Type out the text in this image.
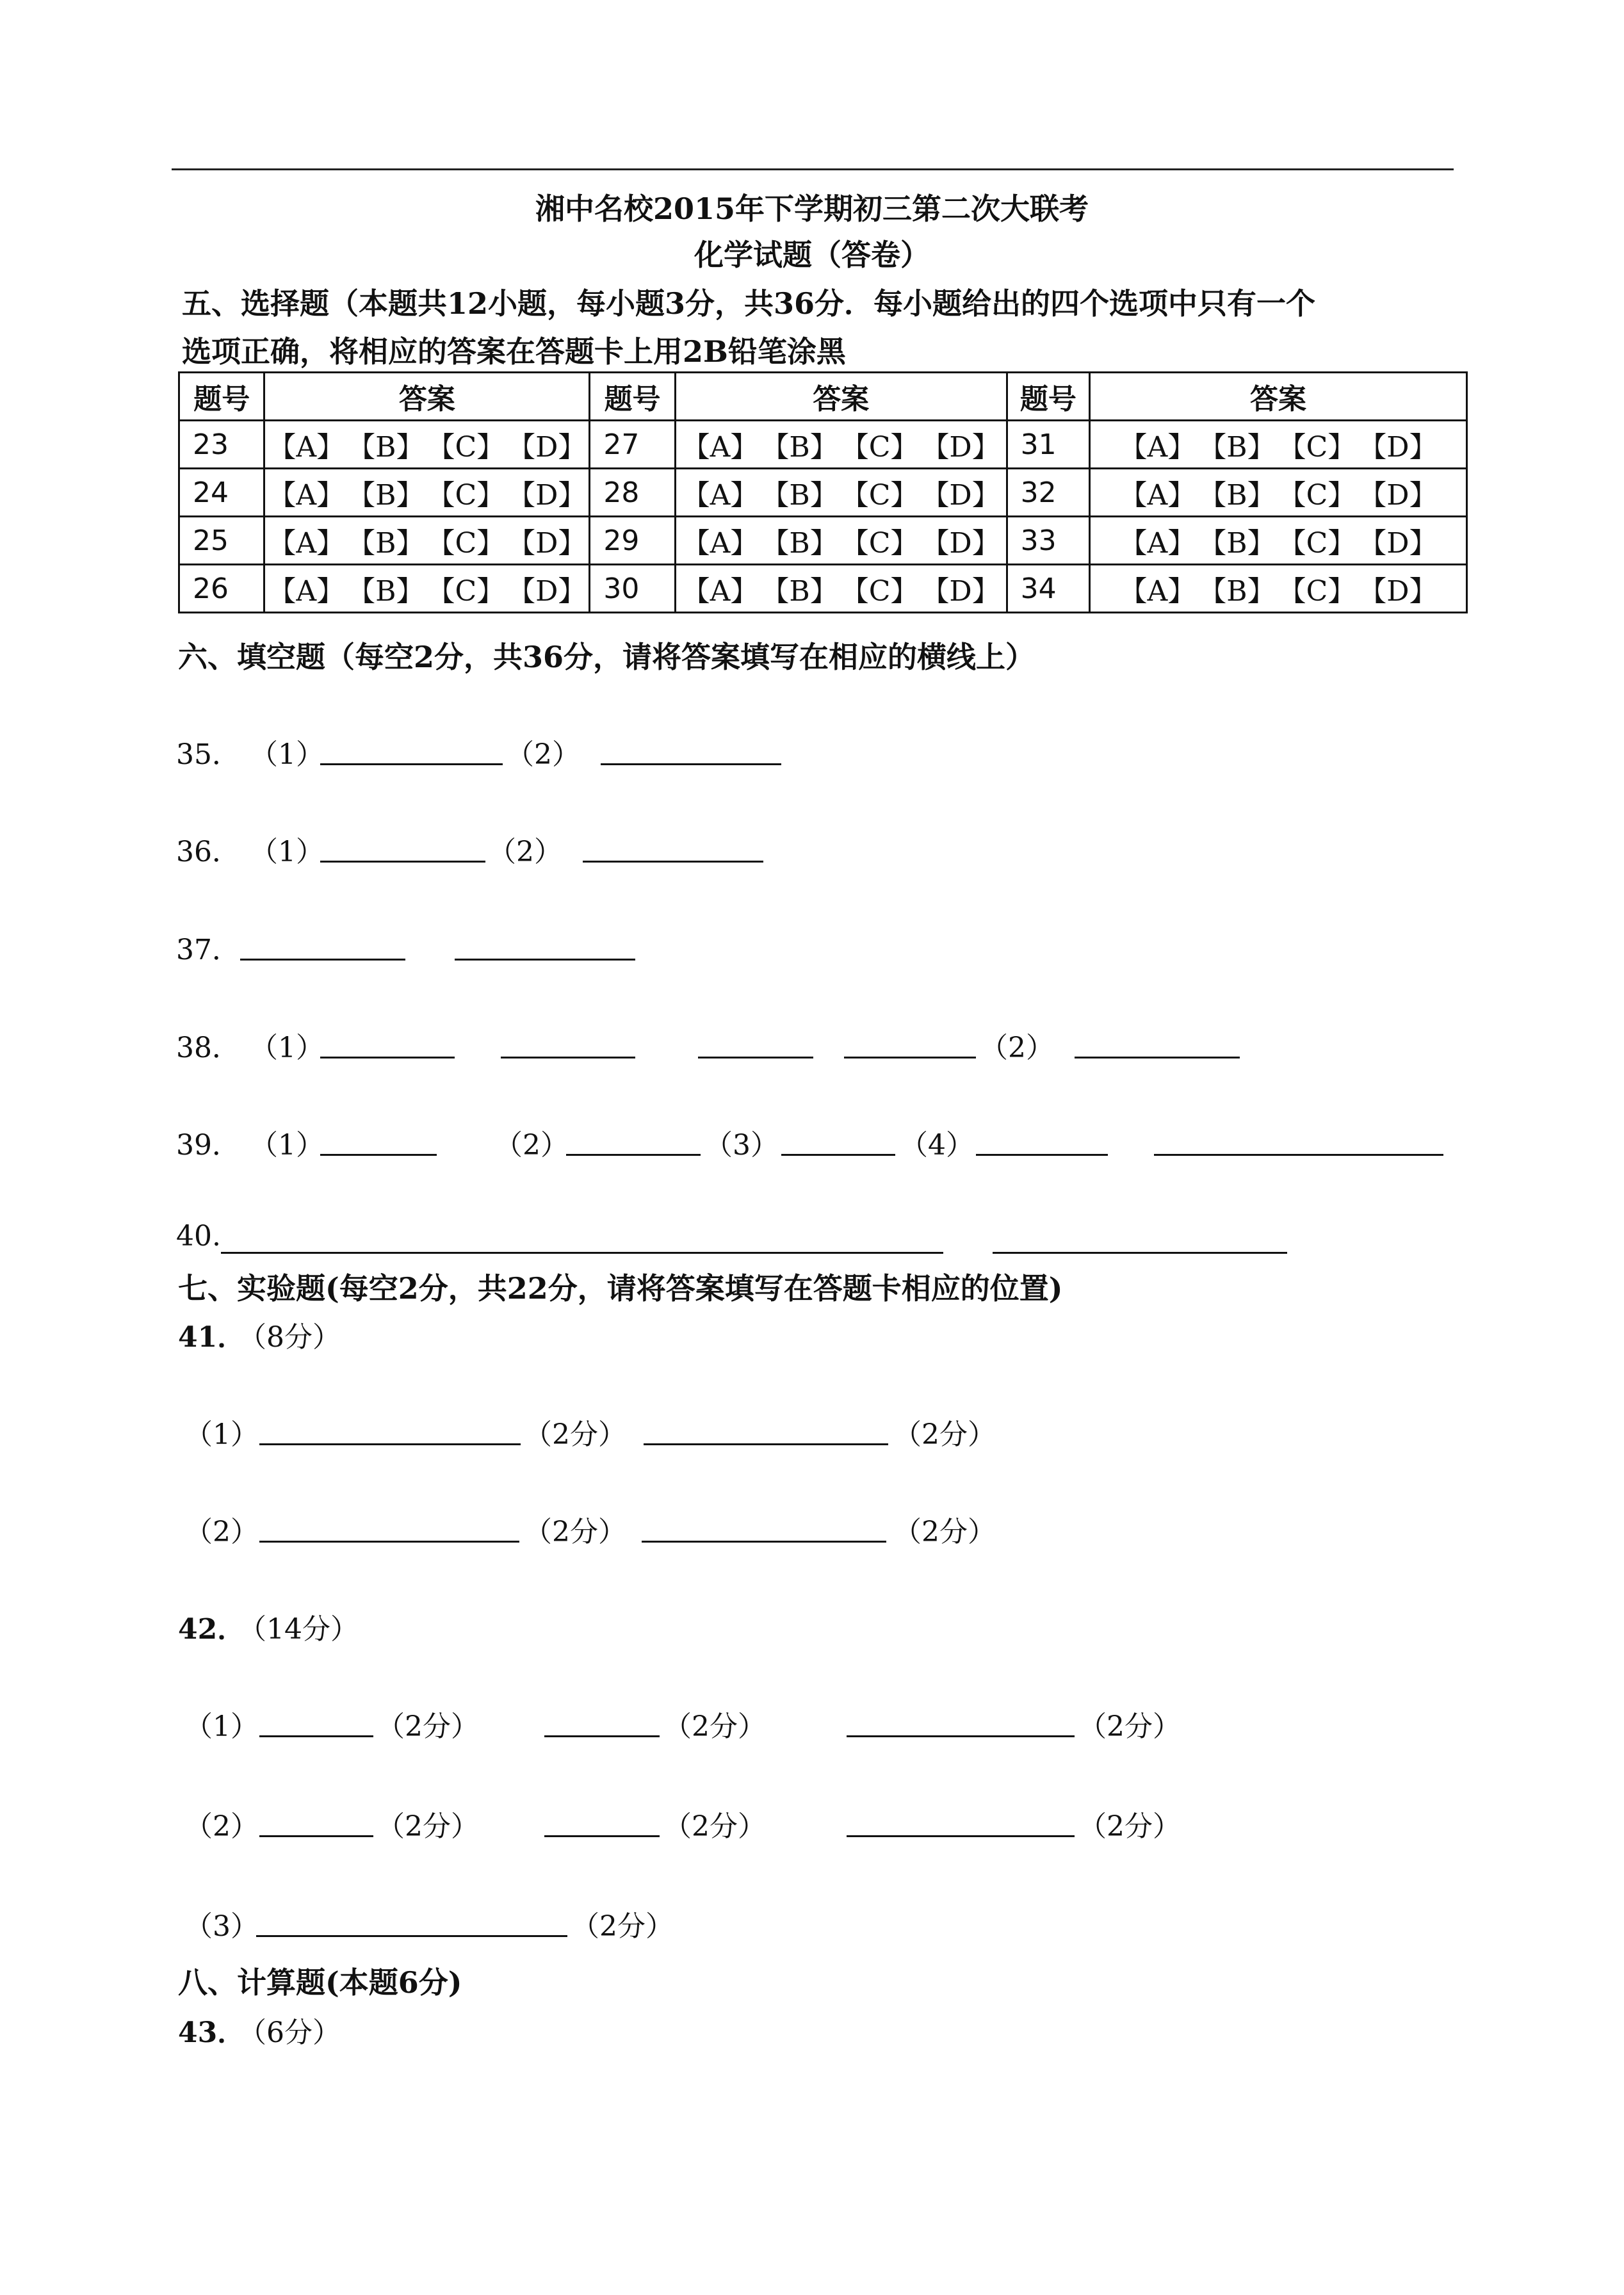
湘中名校2015年下学期初三第二次大联考
化学试题（答卷）
五、选择题（本题共12小题，每小题3分，共36分．每小题给出的四个选项中只有一个
选项正确，将相应的答案在答题卡上用2B铅笔涂黑
题号	答案	题号	答案	题号	答案
23	【A】【B】【C】【D】	27	【A】【B】【C】【D】	31	【A】【B】【C】【D】
24	【A】【B】【C】【D】	28	【A】【B】【C】【D】	32	【A】【B】【C】【D】
25	【A】【B】【C】【D】	29	【A】【B】【C】【D】	33	【A】【B】【C】【D】
26	【A】【B】【C】【D】	30	【A】【B】【C】【D】	34	【A】【B】【C】【D】
六、填空题（每空2分，共36分，请将答案填写在相应的横线上）
35． （1）	（2）
36． （1）	（2）
37．
38． （1）	（2）
39． （1）	（2）	（3）	（4）
40.
七、实验题(每空2分，共22分，请将答案填写在答题卡相应的位置)
41．
（8分）
（1）	（2分）	（2分）
（2）	（2分）	（2分）
42．
（14分）
（1）	（2分）	（2分）	（2分）
（2）	（2分）	（2分）	（2分）
（3）	（2分）
八、计算题(本题6分)
43．
（6分）
